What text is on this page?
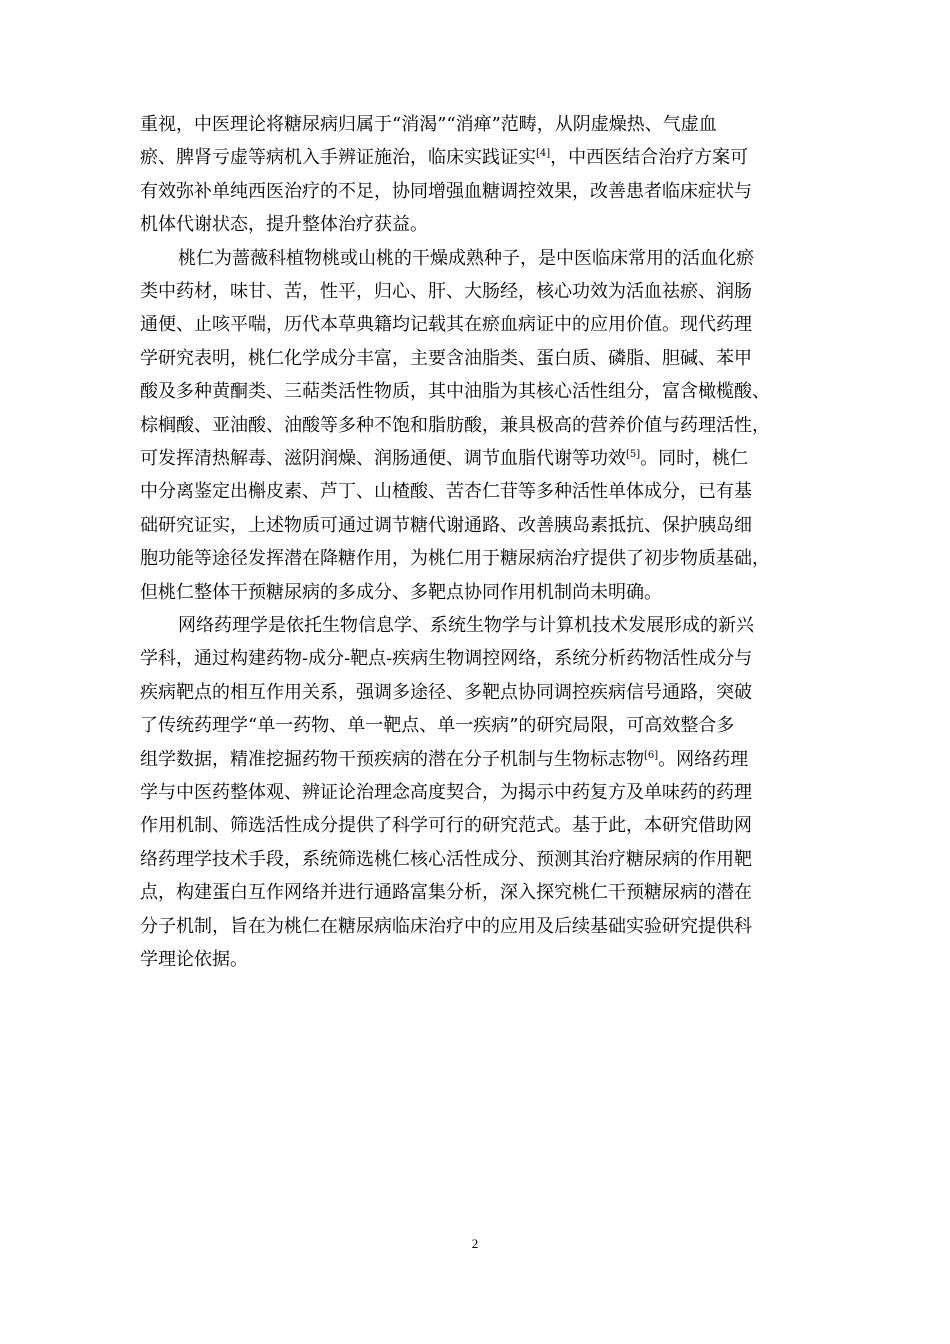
重视，中医理论将糖尿病归属于“消渴”“消瘅”范畴，从阴虚燥热、气虚血
瘀、脾肾亏虚等病机入手辨证施治，临床实践证实[4]，中西医结合治疗方案可
有效弥补单纯西医治疗的不足，协同增强血糖调控效果，改善患者临床症状与
机体代谢状态，提升整体治疗获益。
桃仁为蔷薇科植物桃或山桃的干燥成熟种子，是中医临床常用的活血化瘀
类中药材，味甘、苦，性平，归心、肝、大肠经，核心功效为活血祛瘀、润肠
通便、止咳平喘，历代本草典籍均记载其在瘀血病证中的应用价值。现代药理
学研究表明，桃仁化学成分丰富，主要含油脂类、蛋白质、磷脂、胆碱、苯甲
酸及多种黄酮类、三萜类活性物质，其中油脂为其核心活性组分，富含橄榄酸、
棕榈酸、亚油酸、油酸等多种不饱和脂肪酸，兼具极高的营养价值与药理活性，
可发挥清热解毒、滋阴润燥、润肠通便、调节血脂代谢等功效[5]。同时，桃仁
中分离鉴定出槲皮素、芦丁、山楂酸、苦杏仁苷等多种活性单体成分，已有基
础研究证实，上述物质可通过调节糖代谢通路、改善胰岛素抵抗、保护胰岛细
胞功能等途径发挥潜在降糖作用，为桃仁用于糖尿病治疗提供了初步物质基础，
但桃仁整体干预糖尿病的多成分、多靶点协同作用机制尚未明确。
网络药理学是依托生物信息学、系统生物学与计算机技术发展形成的新兴
学科，通过构建药物-成分-靶点-疾病生物调控网络，系统分析药物活性成分与
疾病靶点的相互作用关系，强调多途径、多靶点协同调控疾病信号通路，突破
了传统药理学“单一药物、单一靶点、单一疾病”的研究局限，可高效整合多
组学数据，精准挖掘药物干预疾病的潜在分子机制与生物标志物[6]。网络药理
学与中医药整体观、辨证论治理念高度契合，为揭示中药复方及单味药的药理
作用机制、筛选活性成分提供了科学可行的研究范式。基于此，本研究借助网
络药理学技术手段，系统筛选桃仁核心活性成分、预测其治疗糖尿病的作用靶
点，构建蛋白互作网络并进行通路富集分析，深入探究桃仁干预糖尿病的潜在
分子机制，旨在为桃仁在糖尿病临床治疗中的应用及后续基础实验研究提供科
学理论依据。
2
